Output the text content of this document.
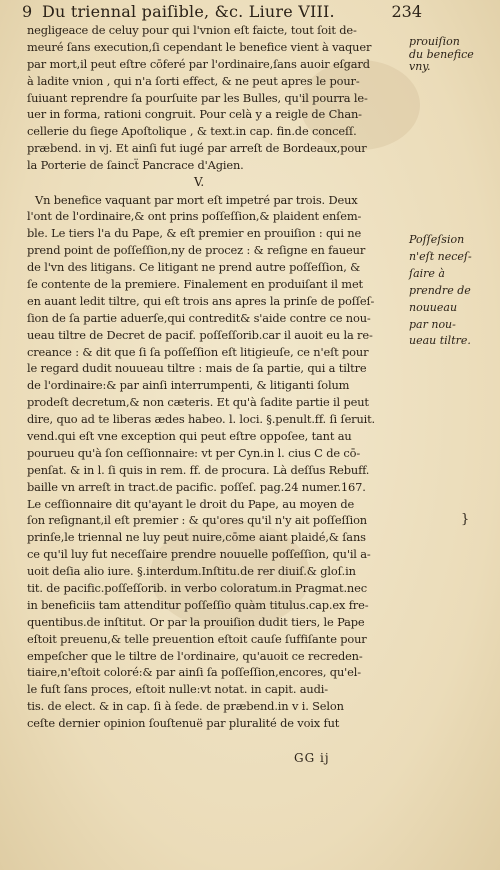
9 Du triennal paiſible, &c. Liure VIII.	234
negligeace de celuy pour qui l'vnion eſt faicte, tout ſoit de-
meuré ſans execution,ſi cependant le benefice vient à vaquer
par mort,il peut eſtre cōferé par l'ordinaire,ſans auoir eſgard
à ladite vnion , qui n'a ſorti effect, & ne peut apres le pour-
ſuiuant reprendre ſa pourſuite par les Bulles, qu'il pourra le-
uer in forma, rationi congruit. Pour celà y a reigle de Chan-
cellerie du ſiege Apoſtolique , & text.in cap. fin.de conceſſ.
præbend. in vj. Et ainſi fut iugé par arreſt de Bordeaux,pour
la Porterie de ſaincẗ Pancrace d'Agien.
V.
Vn benefice vaquant par mort eſt impetré par trois. Deux
l'ont de l'ordinaire,& ont prins poſſeſſion,& plaident enſem-
ble. Le tiers l'a du Pape, & eſt premier en prouiſion : qui ne
prend point de poſſeſſion,ny de procez : & reſigne en faueur
de l'vn des litigans. Ce litigant ne prend autre poſſeſſion, &
ſe contente de la premiere. Finalement en produiſant il met
en auant ledit tiltre, qui eſt trois ans apres la prinſe de poſſeſ-
ſion de ſa partie aduerſe,qui contredit& s'aide contre ce nou-
ueau tiltre de Decret de pacif. poſſeſſorib.car il auoit eu la re-
creance : & dit que ſi ſa poſſeſſion eſt litigieuſe, ce n'eſt pour
le regard dudit nouueau tiltre : mais de ſa partie, qui a tiltre
de l'ordinaire:& par ainſi interrumpenti, & litiganti ſolum
prodeſt decretum,& non cæteris. Et qu'à ſadite partie il peut
dire, quo ad te liberas ædes habeo. l. loci. §.penult.ff. ſi ſeruit.
vend.qui eſt vne exception qui peut eſtre oppoſee, tant au
pourueu qu'à ſon ceſſionnaire: vt per Cyn.in l. cius C de cō-
penſat. & in l. ſi quis in rem. ff. de procura. Là deſſus Rebuff.
baille vn arreſt in tract.de pacific. poſſeſ. pag.24 numer.167.
Le ceſſionnaire dit qu'ayant le droit du Pape, au moyen de
ſon reſignant,il eſt premier : & qu'ores qu'il n'y ait poſſeſſion
prinſe,le triennal ne luy peut nuire,cōme aiant plaidé,& ſans
ce qu'il luy fut neceſſaire prendre nouuelle poſſeſſion, qu'il a-
uoit deſia alio iure. §.interdum.Inſtitu.de rer diuiſ.& gloſ.in
tit. de pacific.poſſeſſorib. in verbo coloratum.in Pragmat.nec
in beneficiis tam attenditur poſſeſſio quàm titulus.cap.ex fre-
quentibus.de inſtitut. Or par la prouiſion dudit tiers, le Pape
eſtoit preuenu,& telle preuention eſtoit cauſe ſuffiſante pour
empeſcher que le tiltre de l'ordinaire, qu'auoit ce recreden-
tiaire,n'eſtoit coloré:& par ainſi ſa poſſeſſion,encores, qu'el-
le fuſt ſans proces, eſtoit nulle:vt notat. in capit. audi-
tis. de elect. & in cap. ſi à ſede. de præbend.in v i. Selon
ceſte dernier opinion ſouſtenuë par pluralité de voix fut
prouiſion
du benefice
vny.
Poſſeſsion
n'eſt neceſ-
ſaire à
prendre de
nouueau
par nou-
ueau tiltre.
}
GG ij
